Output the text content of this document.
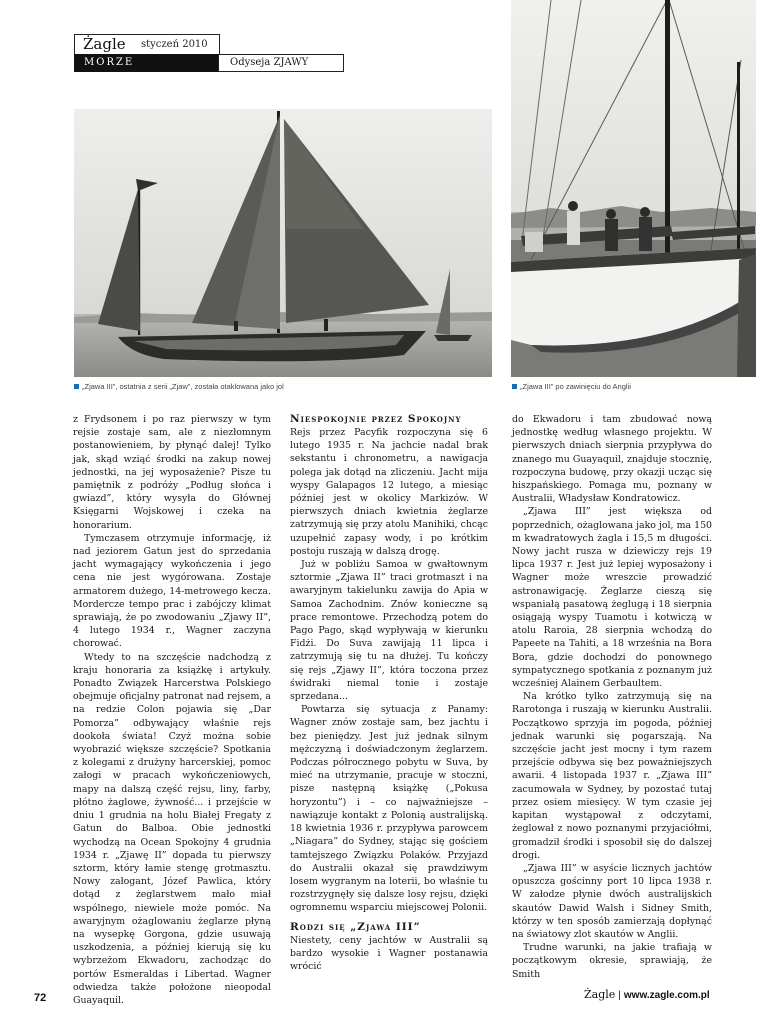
Żagle styczeń 2010
MORZE	Odyseja ZJAWY
„Zjawa III”, ostatnia z serii „Zjaw”, została otaklowana jako jol	„Zjawa III” po zawinięciu do Anglii

z Frydsonem i po raz pierwszy w tym rejsie zostaje sam, ale z niezłomnym postanowieniem, by płynąć dalej! Tylko jak, skąd wziąć środki na zakup nowej jednostki, na jej wyposażenie? Pisze tu pamiętnik z podróży „Podług słońca i gwiazd”, który wysyła do Głównej Księgarni Wojskowej i czeka na honorarium.

Tymczasem otrzymuje informację, iż nad jeziorem Gatun jest do sprzedania jacht wymagający wykończenia i jego cena nie jest wygórowana. Zostaje armatorem dużego, 14-metrowego kecza. Mordercze tempo prac i zabójczy klimat sprawiają, że po zwodowaniu „Zjawy II”, 4 lutego 1934 r., Wagner zaczyna chorować.

Wtedy to na szczęście nadchodzą z kraju honoraria za książkę i artykuły. Ponadto Związek Harcerstwa Polskiego obejmuje oficjalny patronat nad rejsem, a na redzie Colon pojawia się „Dar Pomorza” odbywający właśnie rejs dookoła świata! Czyż można sobie wyobrazić większe szczęście? Spotkania z kolegami z drużyny harcerskiej, pomoc załogi w pracach wykończeniowych, mapy na dalszą część rejsu, liny, farby, płótno żaglowe, żywność... i przejście w dniu 1 grudnia na holu Białej Fregaty z Gatun do Balboa. Obie jednostki wychodzą na Ocean Spokojny 4 grudnia 1934 r. „Zjawę II” dopada tu pierwszy sztorm, który łamie stengę grotmasztu. Nowy załogant, Józef Pawlica, który dotąd z żeglarstwem mało miał wspólnego, niewiele może pomóc. Na awaryjnym ożaglowaniu żeglarze płyną na wysepkę Gorgona, gdzie usuwają uszkodzenia, a później kierują się ku wybrzeżom Ekwadoru, zachodząc do portów Esmeraldas i Libertad. Wagner odwiedza także położone nieopodal Guayaquil.

Niespokojnie przez Spokojny

Rejs przez Pacyfik rozpoczyna się 6 lutego 1935 r. Na jachcie nadal brak sekstantu i chronometru, a nawigacja polega jak dotąd na zliczeniu. Jacht mija wyspy Galapagos 12 lutego, a miesiąc później jest w okolicy Markizów. W pierwszych dniach kwietnia żeglarze zatrzymują się przy atolu Manihiki, chcąc uzupełnić zapasy wody, i po krótkim postoju ruszają w dalszą drogę.

Już w pobliżu Samoa w gwałtownym sztormie „Zjawa II” traci grotmaszt i na awaryjnym takielunku zawija do Apia w Samoa Zachodnim. Znów konieczne są prace remontowe. Przechodzą potem do Pago Pago, skąd wypływają w kierunku Fidżi. Do Suva zawijają 11 lipca i zatrzymują się tu na dłużej. Tu kończy się rejs „Zjawy II”, która toczona przez świdraki niemal tonie i zostaje sprzedana...

Powtarza się sytuacja z Panamy: Wagner znów zostaje sam, bez jachtu i bez pieniędzy. Jest już jednak silnym mężczyzną i doświadczonym żeglarzem. Podczas półrocznego pobytu w Suva, by mieć na utrzymanie, pracuje w stoczni, pisze następną książkę („Pokusa horyzontu”) i – co najważniejsze – nawiązuje kontakt z Polonią australijską. 18 kwietnia 1936 r. przypływa parowcem „Niagara” do Sydney, stając się gościem tamtejszego Związku Polaków. Przyjazd do Australii okazał się prawdziwym losem wygranym na loterii, bo właśnie tu rozstrzygnęły się dalsze losy rejsu, dzięki ogromnemu wsparciu miejscowej Polonii.

Rodzi się „Zjawa III”

Niestety, ceny jachtów w Australii są bardzo wysokie i Wagner postanawia wrócić

do Ekwadoru i tam zbudować nową jednostkę według własnego projektu. W pierwszych dniach sierpnia przypływa do znanego mu Guayaquil, znajduje stocznię, rozpoczyna budowę, przy okazji ucząc się hiszpańskiego. Pomaga mu, poznany w Australii, Władysław Kondratowicz.

„Zjawa III” jest większa od poprzednich, ożaglowana jako jol, ma 150 m kwadratowych żagla i 15,5 m długości. Nowy jacht rusza w dziewiczy rejs 19 lipca 1937 r. Jest już lepiej wyposażony i Wagner może wreszcie prowadzić astronawigację. Żeglarze cieszą się wspaniałą pasatową żeglugą i 18 sierpnia osiągają wyspy Tuamotu i kotwiczą w atolu Raroia, 28 sierpnia wchodzą do Papeete na Tahiti, a 18 września na Bora Bora, gdzie dochodzi do ponownego sympatycznego spotkania z poznanym już wcześniej Alainem Gerbaultem.

Na krótko tylko zatrzymują się na Rarotonga i ruszają w kierunku Australii. Początkowo sprzyja im pogoda, później jednak warunki się pogarszają. Na szczęście jacht jest mocny i tym razem przejście odbywa się bez poważniejszych awarii. 4 listopada 1937 r. „Zjawa III” zacumowała w Sydney, by pozostać tutaj przez osiem miesięcy. W tym czasie jej kapitan wystąpował z odczytami, żeglował z nowo poznanymi przyjaciółmi, gromadził środki i sposobił się do dalszej drogi.

„Zjawa III” w asyście licznych jachtów opuszcza gościnny port 10 lipca 1938 r. W załodze płynie dwóch australijskich skautów Dawid Walsh i Sidney Smith, którzy w ten sposób zamierzają dopłynąć na światowy zlot skautów w Anglii.

Trudne warunki, na jakie trafiają w początkowym okresie, sprawiają, że Smith

72	Żagle | www.zagle.com.pl
